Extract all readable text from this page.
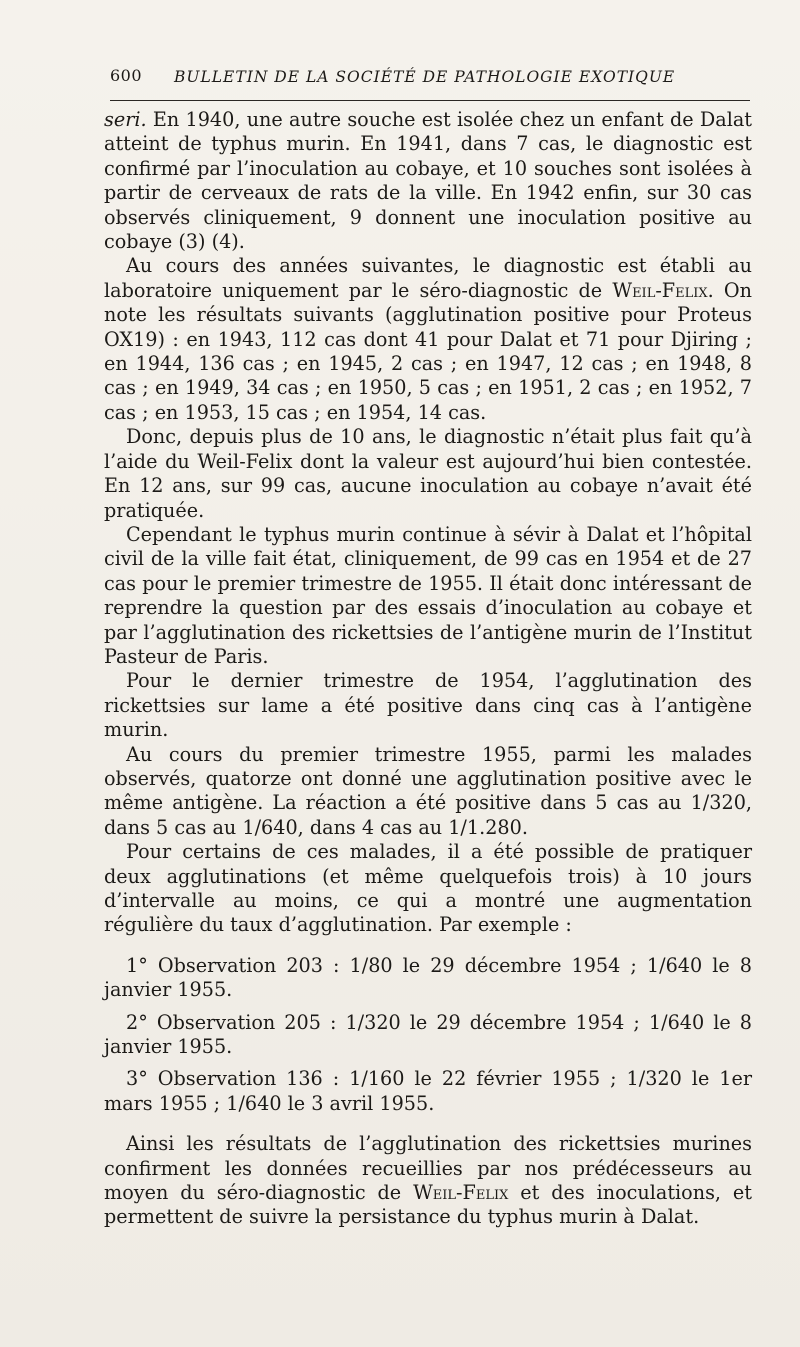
600 BULLETIN DE LA SOCIÉTÉ DE PATHOLOGIE EXOTIQUE

seri. En 1940, une autre souche est isolée chez un enfant de Dalat atteint de typhus murin. En 1941, dans 7 cas, le diagnostic est confirmé par l’inoculation au cobaye, et 10 souches sont isolées à partir de cerveaux de rats de la ville. En 1942 enfin, sur 30 cas observés cliniquement, 9 donnent une inoculation positive au cobaye (3) (4).

Au cours des années suivantes, le diagnostic est établi au laboratoire uniquement par le séro-diagnostic de Weil-Felix. On note les résultats suivants (agglutination positive pour Proteus OX19) : en 1943, 112 cas dont 41 pour Dalat et 71 pour Djiring ; en 1944, 136 cas ; en 1945, 2 cas ; en 1947, 12 cas ; en 1948, 8 cas ; en 1949, 34 cas ; en 1950, 5 cas ; en 1951, 2 cas ; en 1952, 7 cas ; en 1953, 15 cas ; en 1954, 14 cas.

Donc, depuis plus de 10 ans, le diagnostic n’était plus fait qu’à l’aide du Weil-Felix dont la valeur est aujourd’hui bien contestée. En 12 ans, sur 99 cas, aucune inoculation au cobaye n’avait été pratiquée.

Cependant le typhus murin continue à sévir à Dalat et l’hôpital civil de la ville fait état, cliniquement, de 99 cas en 1954 et de 27 cas pour le premier trimestre de 1955. Il était donc intéressant de reprendre la question par des essais d’inoculation au cobaye et par l’agglutination des rickettsies de l’antigène murin de l’Institut Pasteur de Paris.

Pour le dernier trimestre de 1954, l’agglutination des rickettsies sur lame a été positive dans cinq cas à l’antigène murin.

Au cours du premier trimestre 1955, parmi les malades observés, quatorze ont donné une agglutination positive avec le même antigène. La réaction a été positive dans 5 cas au 1/320, dans 5 cas au 1/640, dans 4 cas au 1/1.280.

Pour certains de ces malades, il a été possible de pratiquer deux agglutinations (et même quelquefois trois) à 10 jours d’intervalle au moins, ce qui a montré une augmentation régulière du taux d’agglutination. Par exemple :

1° Observation 203 : 1/80 le 29 décembre 1954 ; 1/640 le 8 janvier 1955.

2° Observation 205 : 1/320 le 29 décembre 1954 ; 1/640 le 8 janvier 1955.

3° Observation 136 : 1/160 le 22 février 1955 ; 1/320 le 1er mars 1955 ; 1/640 le 3 avril 1955.

Ainsi les résultats de l’agglutination des rickettsies murines confirment les données recueillies par nos prédécesseurs au moyen du séro-diagnostic de Weil-Felix et des inoculations, et permettent de suivre la persistance du typhus murin à Dalat.
